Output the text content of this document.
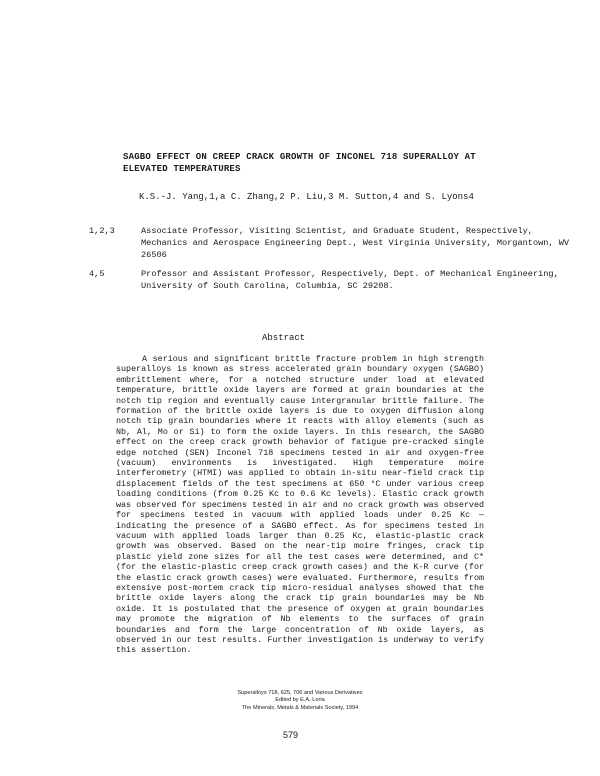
SAGBO EFFECT ON CREEP CRACK GROWTH OF INCONEL 718 SUPERALLOY AT ELEVATED TEMPERATURES
K.S.-J. Yang,1,a C. Zhang,2 P. Liu,3 M. Sutton,4 and S. Lyons4
1,2,3	Associate Professor, Visiting Scientist, and Graduate Student, Respectively, Mechanics and Aerospace Engineering Dept., West Virginia University, Morgantown, WV 26506
4,5	Professor and Assistant Professor, Respectively, Dept. of Mechanical Engineering, University of South Carolina, Columbia, SC 29208.
Abstract

A serious and significant brittle fracture problem in high strength superalloys is known as stress accelerated grain boundary oxygen (SAGBO) embrittlement where, for a notched structure under load at elevated temperature, brittle oxide layers are formed at grain boundaries at the notch tip region and eventually cause intergranular brittle failure. The formation of the brittle oxide layers is due to oxygen diffusion along notch tip grain boundaries where it reacts with alloy elements (such as Nb, Al, Mo or Si) to form the oxide layers. In this research, the SAGBO effect on the creep crack growth behavior of fatigue pre-cracked single edge notched (SEN) Inconel 718 specimens tested in air and oxygen-free (vacuum) environments is investigated. High temperature moire interferometry (HTMI) was applied to obtain in-situ near-field crack tip displacement fields of the test specimens at 650 °C under various creep loading conditions (from 0.25 Kc to 0.6 Kc levels). Elastic crack growth was observed for specimens tested in air and no crack growth was observed for specimens tested in vacuum with applied loads under 0.25 Kc — indicating the presence of a SAGBO effect. As for specimens tested in vacuum with applied loads larger than 0.25 Kc, elastic-plastic crack growth was observed. Based on the near-tip moire fringes, crack tip plastic yield zone sizes for all the test cases were determined, and C* (for the elastic-plastic creep crack growth cases) and the K-R curve (for the elastic crack growth cases) were evaluated. Furthermore, results from extensive post-mortem crack tip micro-residual analyses showed that the brittle oxide layers along the crack tip grain boundaries may be Nb oxide. It is postulated that the presence of oxygen at grain boundaries may promote the migration of Nb elements to the surfaces of grain boundaries and form the large concentration of Nb oxide layers, as observed in our test results. Further investigation is underway to verify this assertion.

Superalloys 718, 625, 706 and Various Derivatives
Edited by E.A. Loria
The Minerals, Metals & Materials Society, 1994
579
